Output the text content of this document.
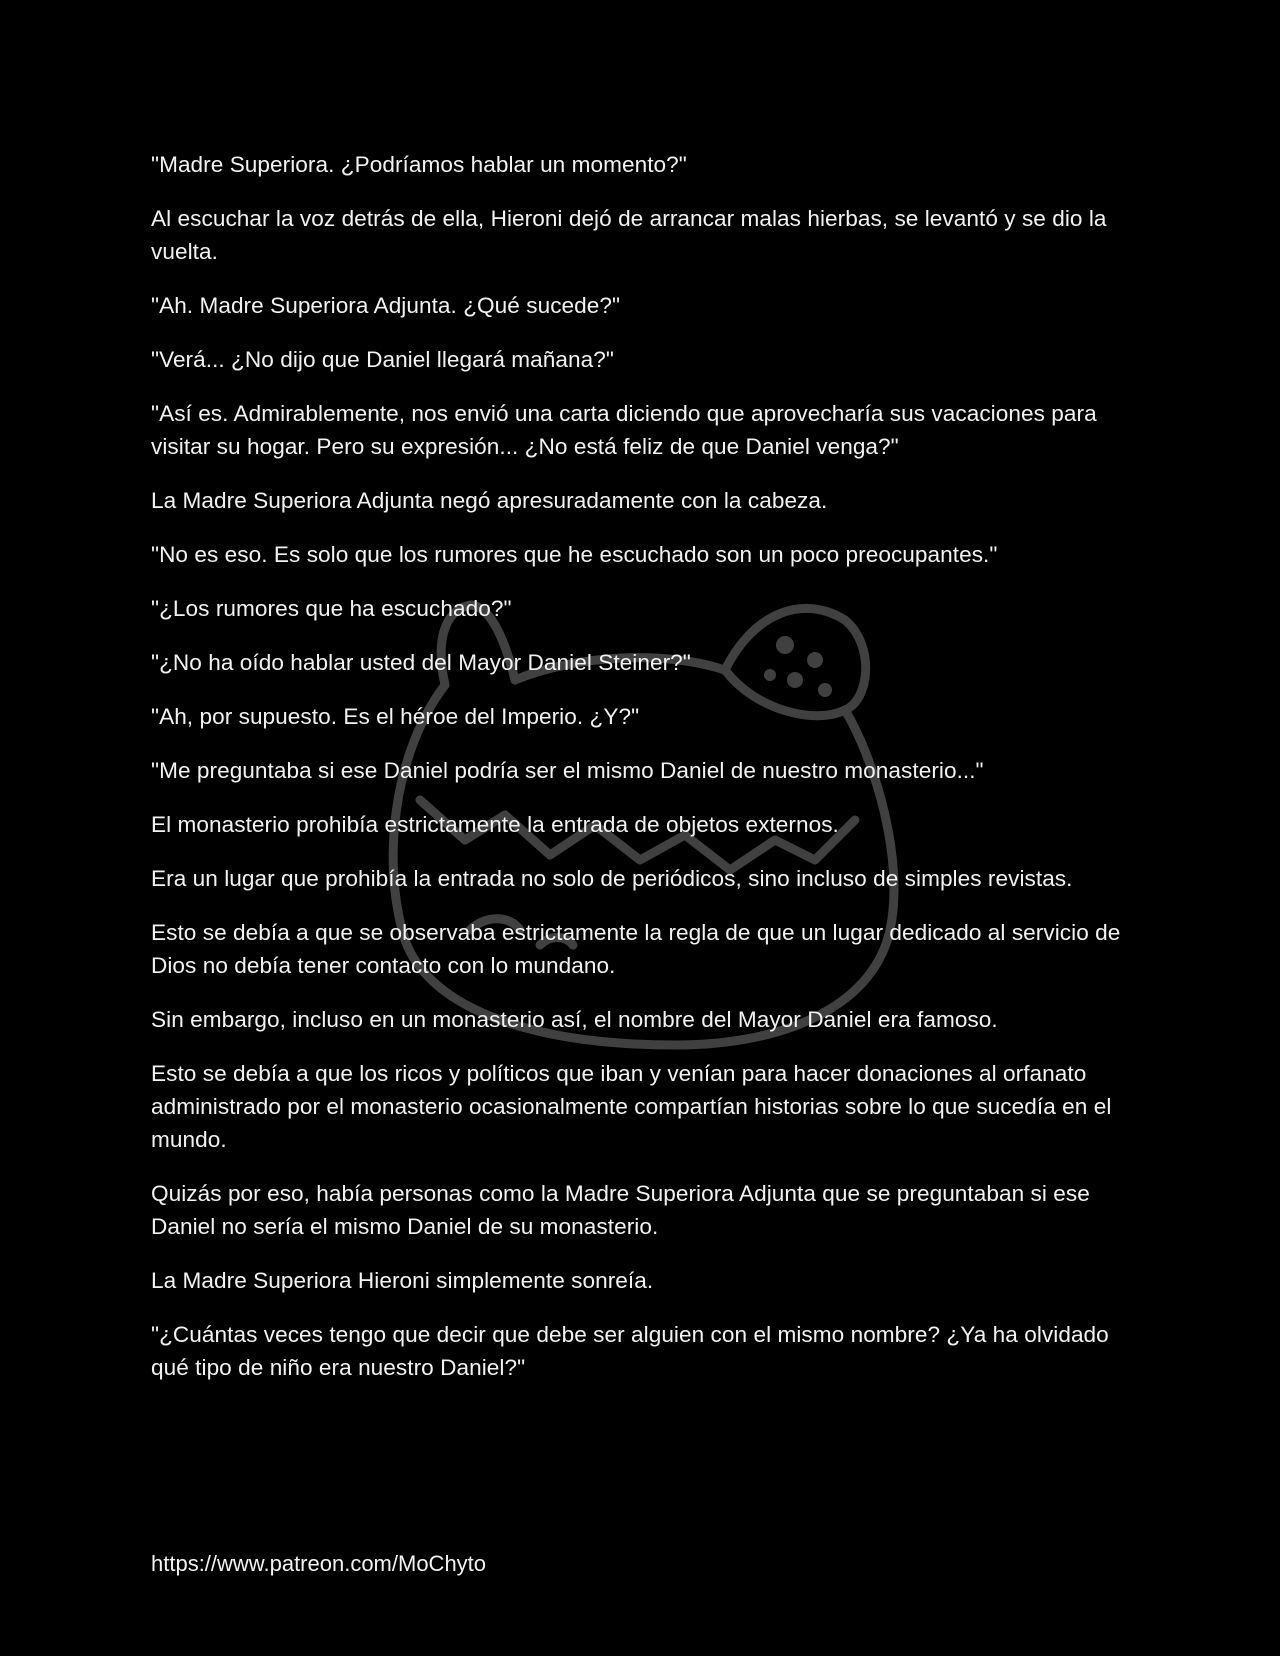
"Madre Superiora. ¿Podríamos hablar un momento?"

Al escuchar la voz detrás de ella, Hieroni dejó de arrancar malas hierbas, se levantó y se dio la vuelta.

"Ah. Madre Superiora Adjunta. ¿Qué sucede?"

"Verá... ¿No dijo que Daniel llegará mañana?"

"Así es. Admirablemente, nos envió una carta diciendo que aprovecharía sus vacaciones para visitar su hogar. Pero su expresión... ¿No está feliz de que Daniel venga?"

La Madre Superiora Adjunta negó apresuradamente con la cabeza.

"No es eso. Es solo que los rumores que he escuchado son un poco preocupantes."

"¿Los rumores que ha escuchado?"

"¿No ha oído hablar usted del Mayor Daniel Steiner?"

"Ah, por supuesto. Es el héroe del Imperio. ¿Y?"

"Me preguntaba si ese Daniel podría ser el mismo Daniel de nuestro monasterio..."

El monasterio prohibía estrictamente la entrada de objetos externos.

Era un lugar que prohibía la entrada no solo de periódicos, sino incluso de simples revistas.

Esto se debía a que se observaba estrictamente la regla de que un lugar dedicado al servicio de Dios no debía tener contacto con lo mundano.

Sin embargo, incluso en un monasterio así, el nombre del Mayor Daniel era famoso.

Esto se debía a que los ricos y políticos que iban y venían para hacer donaciones al orfanato administrado por el monasterio ocasionalmente compartían historias sobre lo que sucedía en el mundo.

Quizás por eso, había personas como la Madre Superiora Adjunta que se preguntaban si ese Daniel no sería el mismo Daniel de su monasterio.

La Madre Superiora Hieroni simplemente sonreía.

"¿Cuántas veces tengo que decir que debe ser alguien con el mismo nombre? ¿Ya ha olvidado qué tipo de niño era nuestro Daniel?"

https://www.patreon.com/MoChyto
